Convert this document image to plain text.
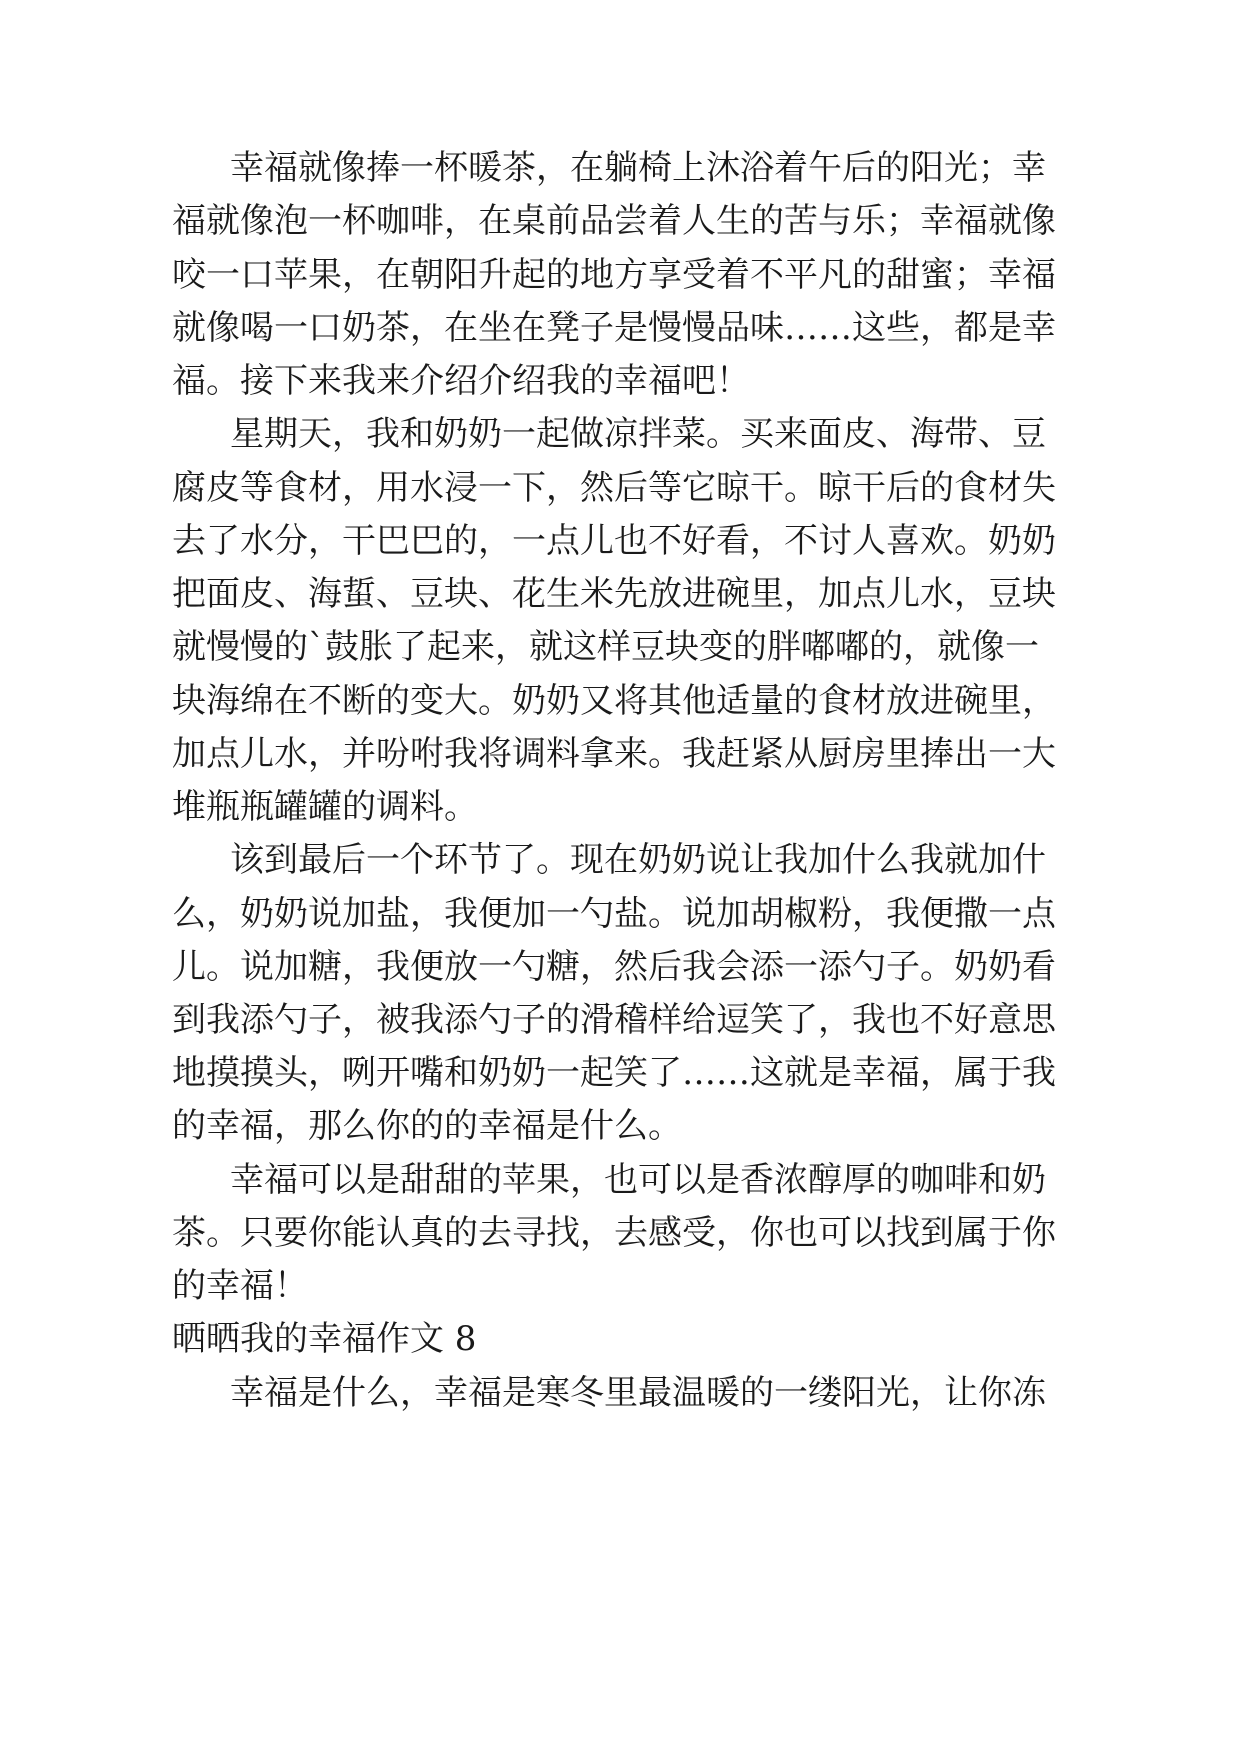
幸福就像捧一杯暖茶，在躺椅上沐浴着午后的阳光；幸

福就像泡一杯咖啡，在桌前品尝着人生的苦与乐；幸福就像

咬一口苹果，在朝阳升起的地方享受着不平凡的甜蜜；幸福

就像喝一口奶茶，在坐在凳子是慢慢品味……这些，都是幸

福。接下来我来介绍介绍我的幸福吧！

星期天，我和奶奶一起做凉拌菜。买来面皮、海带、豆

腐皮等食材，用水浸一下，然后等它晾干。晾干后的食材失

去了水分，干巴巴的，一点儿也不好看，不讨人喜欢。奶奶

把面皮、海蜇、豆块、花生米先放进碗里，加点儿水，豆块

就慢慢的`鼓胀了起来，就这样豆块变的胖嘟嘟的，就像一

块海绵在不断的变大。奶奶又将其他适量的食材放进碗里，

加点儿水，并吩咐我将调料拿来。我赶紧从厨房里捧出一大

堆瓶瓶罐罐的调料。

该到最后一个环节了。现在奶奶说让我加什么我就加什

么，奶奶说加盐，我便加一勺盐。说加胡椒粉，我便撒一点

儿。说加糖，我便放一勺糖，然后我会添一添勺子。奶奶看

到我添勺子，被我添勺子的滑稽样给逗笑了，我也不好意思

地摸摸头，咧开嘴和奶奶一起笑了……这就是幸福，属于我

的幸福，那么你的的幸福是什么。

幸福可以是甜甜的苹果，也可以是香浓醇厚的咖啡和奶

茶。只要你能认真的去寻找，去感受，你也可以找到属于你

的幸福！

晒晒我的幸福作文 8

幸福是什么，幸福是寒冬里最温暖的一缕阳光，让你冻
